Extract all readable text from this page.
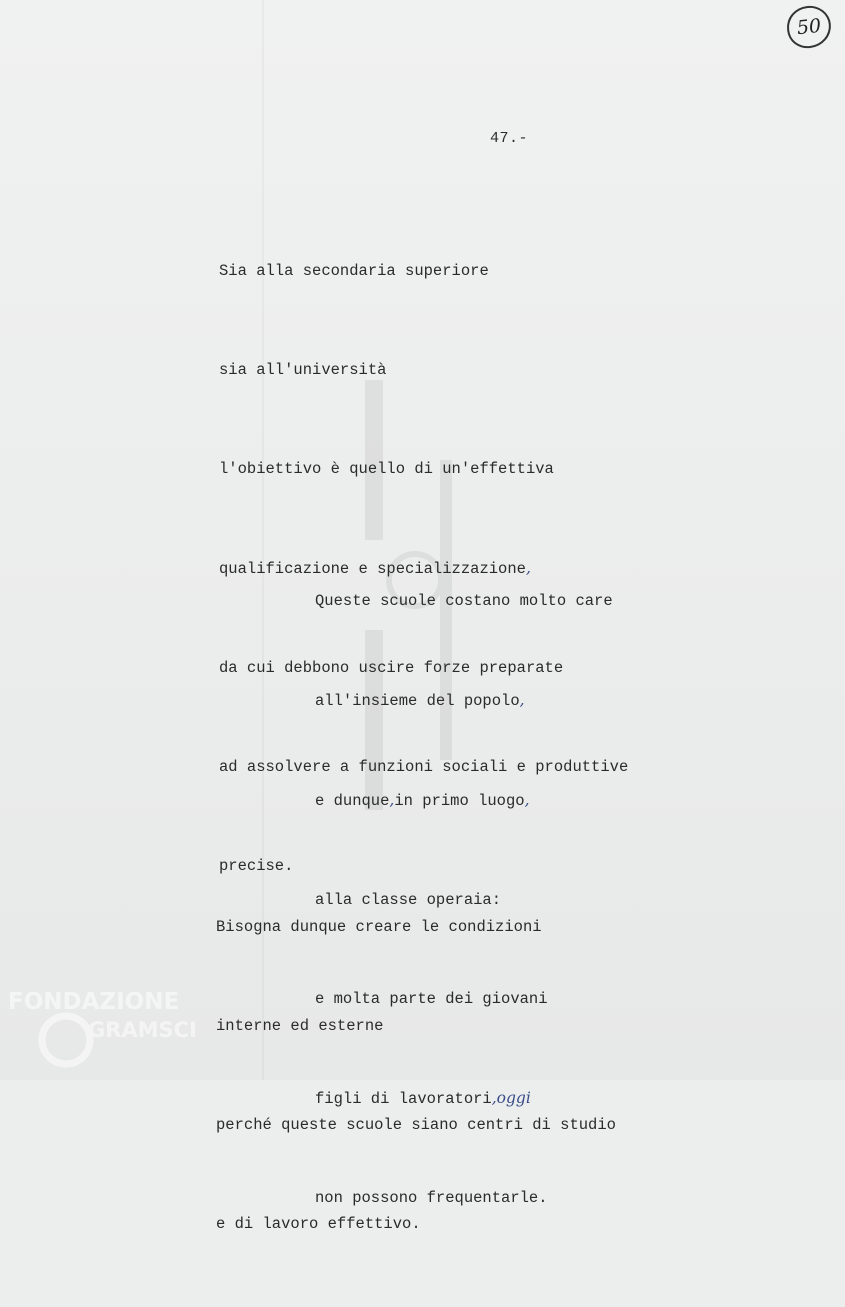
50
47.-

Sia alla secondaria superiore

sia all'università

l'obiettivo è quello di un'effettiva

qualificazione e specializzazione,

da cui debbono uscire forze preparate

ad assolvere a funzioni sociali e produttive

precise.

Queste scuole costano molto care

all'insieme del popolo,

e dunque,in primo luogo,

alla classe operaia:

e molta parte dei giovani

figli di lavoratori,oggi

non possono frequentarle.

Bisogna dunque creare le condizioni

interne ed esterne

perché queste scuole siano centri di studio

e di lavoro effettivo.

FONDAZIONE
GRAMSCI
